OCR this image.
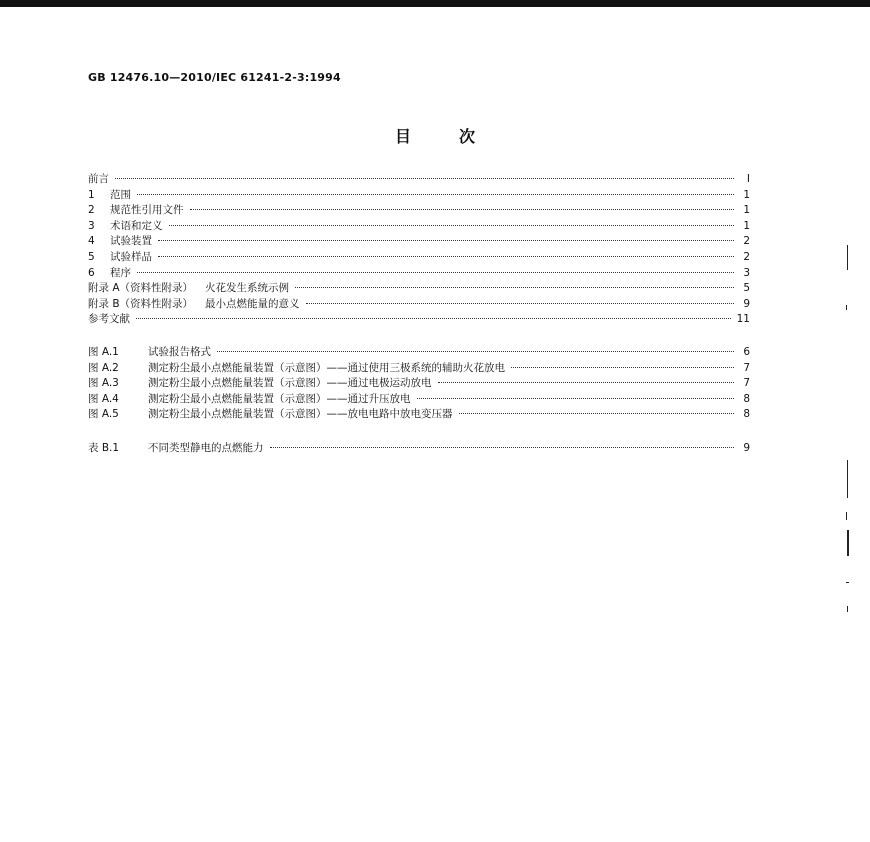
GB 12476.10—2010/IEC 61241-2-3:1994
目	次
前言	Ⅰ
1	范围	1
2	规范性引用文件	1
3	术语和定义	1
4	试验装置	2
5	试验样品	2
6	程序	3
附录 A（资料性附录） 火花发生系统示例	5
附录 B（资料性附录） 最小点燃能量的意义	9
参考文献	11
图 A.1	试验报告格式	6
图 A.2	测定粉尘最小点燃能量装置（示意图）——通过使用三极系统的辅助火花放电	7
图 A.3	测定粉尘最小点燃能量装置（示意图）——通过电极运动放电	7
图 A.4	测定粉尘最小点燃能量装置（示意图）——通过升压放电	8
图 A.5	测定粉尘最小点燃能量装置（示意图）——放电电路中放电变压器	8
表 B.1	不同类型静电的点燃能力	9
